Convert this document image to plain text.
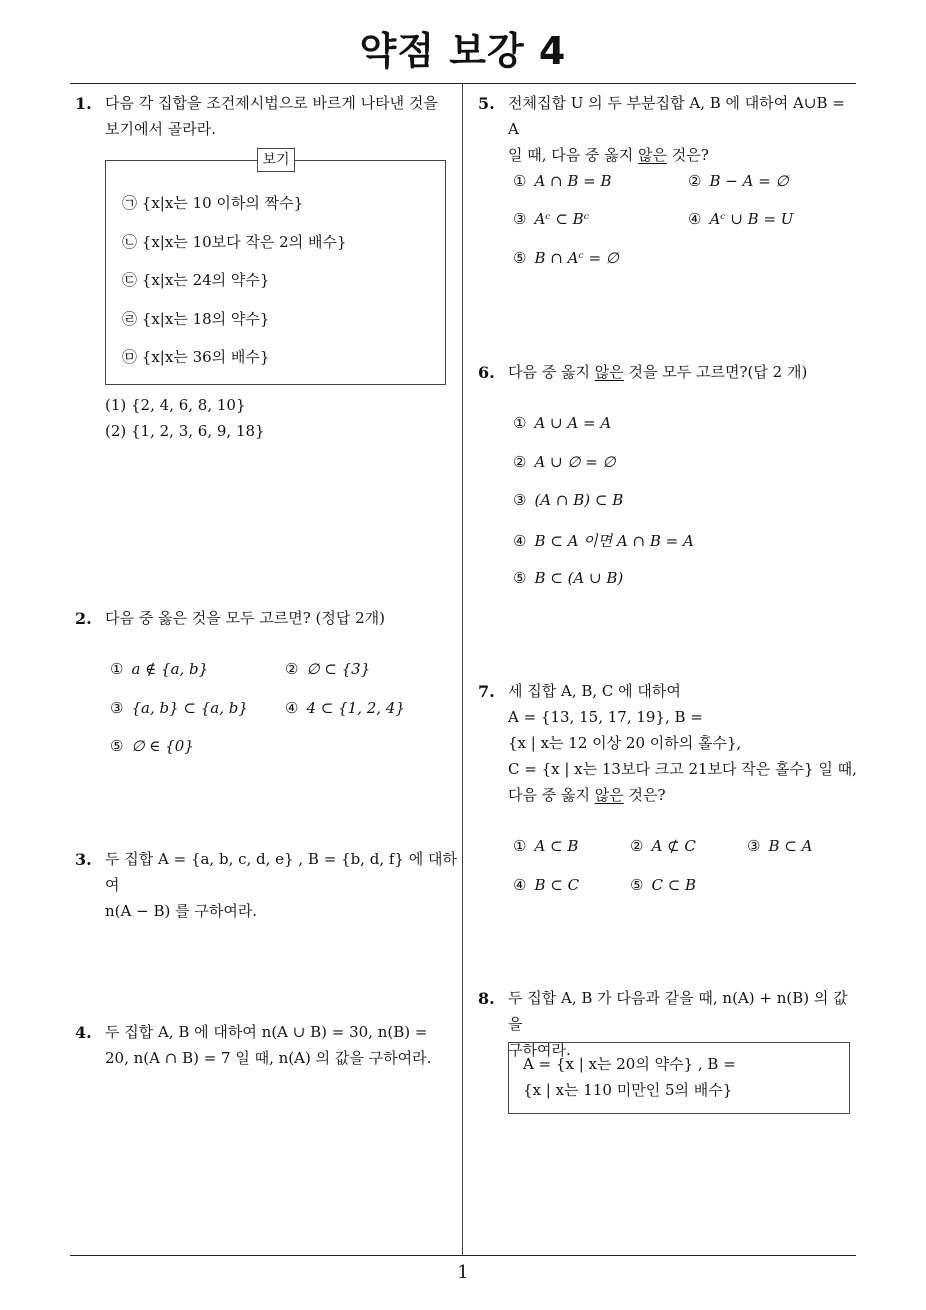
약점 보강 4
1. 다음 각 집합을 조건제시법으로 바르게 나타낸 것을
보기에서 골라라.
보기
㉠ {x|x는 10 이하의 짝수}
㉡ {x|x는 10보다 작은 2의 배수}
㉢ {x|x는 24의 약수}
㉣ {x|x는 18의 약수}
㉤ {x|x는 36의 배수}
(1) {2, 4, 6, 8, 10}
(2) {1, 2, 3, 6, 9, 18}
2. 다음 중 옳은 것을 모두 고르면? (정답 2개)
① a ∉ {a, b}	② ∅ ⊂ {3}
③ {a, b} ⊂ {a, b} ④ 4 ⊂ {1, 2, 4}
⑤ ∅ ∈ {0}
3. 두 집합 A = {a, b, c, d, e} , B = {b, d, f} 에 대하여
n(A − B) 를 구하여라.
4. 두 집합 A, B 에 대하여 n(A ∪ B) = 30, n(B) =
20, n(A ∩ B) = 7 일 때, n(A) 의 값을 구하여라.
5. 전체집합 U 의 두 부분집합 A, B 에 대하여 A∪B = A
일 때, 다음 중 옳지 않은 것은?
① A ∩ B = B	② B − A = ∅
③ Aᶜ ⊂ Bᶜ	④ Aᶜ ∪ B = U
⑤ B ∩ Aᶜ = ∅
6. 다음 중 옳지 않은 것을 모두 고르면?(답 2 개)
① A ∪ A = A
② A ∪ ∅ = ∅
③ (A ∩ B) ⊂ B
④ B ⊂ A 이면 A ∩ B = A
⑤ B ⊂ (A ∪ B)
7. 세 집합 A, B, C 에 대하여
A = {13, 15, 17, 19}, B =
{x | x는 12 이상 20 이하의 홀수},
C = {x | x는 13보다 크고 21보다 작은 홀수} 일 때,
다음 중 옳지 않은 것은?
① A ⊂ B	② A ⊄ C	③ B ⊂ A
④ B ⊂ C	⑤ C ⊂ B
8. 두 집합 A, B 가 다음과 같을 때, n(A) + n(B) 의 값을
구하여라.
A = {x | x는 20의 약수} , B =
{x | x는 110 미만인 5의 배수}
1
